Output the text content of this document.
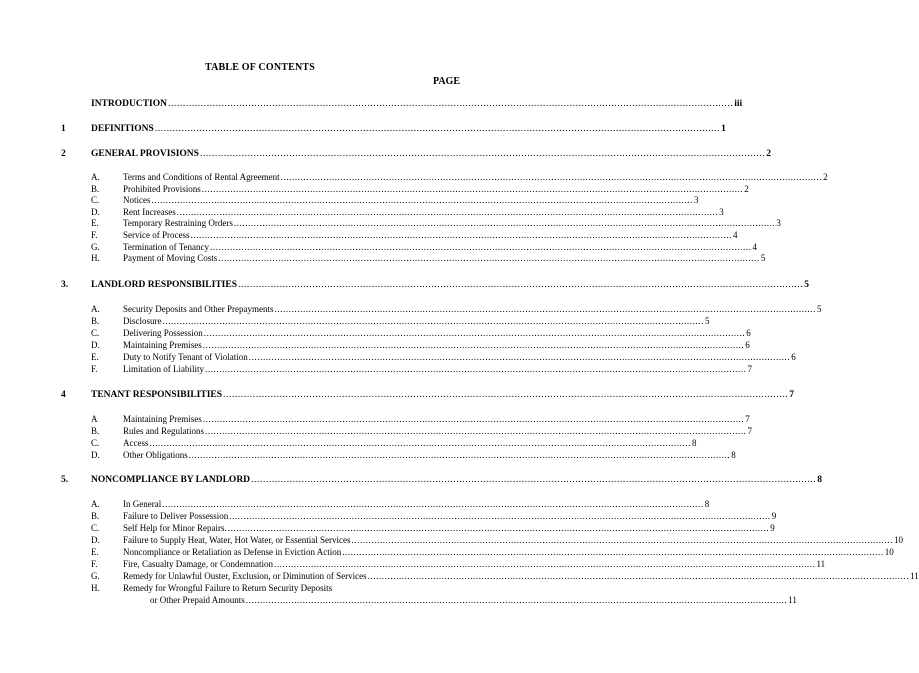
TABLE OF CONTENTS
PAGE
INTRODUCTION .............................................................................................................................................................................................. iii
1	DEFINITIONS .............................................................................................................................................................................................. 1
2	GENERAL PROVISIONS .............................................................................................................................................................................................. 2
A.	Terms and Conditions of Rental Agreement .............................................................................................................................................................................................. 2
B.	Prohibited Provisions .............................................................................................................................................................................................. 2
C.	Notices .............................................................................................................................................................................................. 3
D.	Rent Increases .............................................................................................................................................................................................. 3
E.	Temporary Restraining Orders .............................................................................................................................................................................................. 3
F.	Service of Process .............................................................................................................................................................................................. 4
G.	Termination of Tenancy .............................................................................................................................................................................................. 4
H.	Payment of Moving Costs .............................................................................................................................................................................................. 5
3. LANDLORD RESPONSIBILITIES .............................................................................................................................................................................................. 5
A.	Security Deposits and Other Prepayments .............................................................................................................................................................................................. 5
B.	Disclosure .............................................................................................................................................................................................. 5
C.	Delivering Possession .............................................................................................................................................................................................. 6
D.	Maintaining Premises .............................................................................................................................................................................................. 6
E.	Duty to Notify Tenant of Violation .............................................................................................................................................................................................. 6
F.	Limitation of Liability .............................................................................................................................................................................................. 7
4	TENANT RESPONSIBILITIES .............................................................................................................................................................................................. 7
A	Maintaining Premises .............................................................................................................................................................................................. 7
B.	Rules and Regulations .............................................................................................................................................................................................. 7
C.	Access .............................................................................................................................................................................................. 8
D.	Other Obligations .............................................................................................................................................................................................. 8
5. NONCOMPLIANCE BY LANDLORD .............................................................................................................................................................................................. 8
A.	In General .............................................................................................................................................................................................. 8
B.	Failure to Deliver Possession .............................................................................................................................................................................................. 9
C.	Self Help for Minor Repairs. .............................................................................................................................................................................................. 9
D.	Failure to Supply Heat, Water, Hot Water, or Essential Services .............................................................................................................................................................................................. 10
E.	Noncompliance or Retaliation as Defense in Eviction Action .............................................................................................................................................................................................. 10
F.	Fire, Casualty Damage, or Condemnation .............................................................................................................................................................................................. 11
G.	Remedy for Unlawful Ouster, Exclusion, or Diminution of Services .............................................................................................................................................................................................. 11
H.	Remedy for Wrongful Failure to Return Security Deposits
or Other Prepaid Amounts .............................................................................................................................................................................................. 11
